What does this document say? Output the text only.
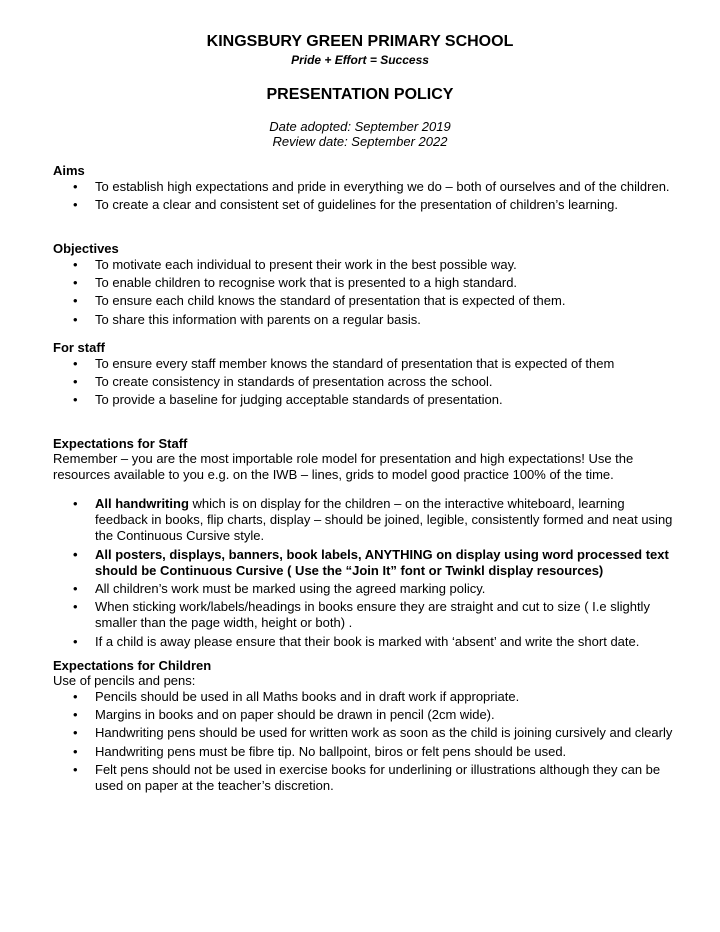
KINGSBURY GREEN PRIMARY SCHOOL
Pride + Effort = Success
PRESENTATION POLICY
Date adopted: September 2019
Review date: September 2022
Aims
• To establish high expectations and pride in everything we do – both of ourselves and of the children.
• To create a clear and consistent set of guidelines for the presentation of children’s learning.
Objectives
• To motivate each individual to present their work in the best possible way.
• To enable children to recognise work that is presented to a high standard.
• To ensure each child knows the standard of presentation that is expected of them.
• To share this information with parents on a regular basis.
For staff
• To ensure every staff member knows the standard of presentation that is expected of them
• To create consistency in standards of presentation across the school.
• To provide a baseline for judging acceptable standards of presentation.
Expectations for Staff
Remember – you are the most importable role model for presentation and high expectations! Use the resources available to you e.g. on the IWB – lines, grids to model good practice 100% of the time.
• All handwriting which is on display for the children – on the interactive whiteboard, learning feedback in books, flip charts, display – should be joined, legible, consistently formed and neat using the Continuous Cursive style.
• All posters, displays, banners, book labels, ANYTHING on display using word processed text should be Continuous Cursive ( Use the “Join It” font or Twinkl display resources)
• All children’s work must be marked using the agreed marking policy.
• When sticking work/labels/headings in books ensure they are straight and cut to size ( I.e slightly smaller than the page width, height or both) .
• If a child is away please ensure that their book is marked with ‘absent’ and write the short date.
Expectations for Children
Use of pencils and pens:
• Pencils should be used in all Maths books and in draft work if appropriate.
• Margins in books and on paper should be drawn in pencil (2cm wide).
• Handwriting pens should be used for written work as soon as the child is joining cursively and clearly
• Handwriting pens must be fibre tip. No ballpoint, biros or felt pens should be used.
• Felt pens should not be used in exercise books for underlining or illustrations although they can be used on paper at the teacher’s discretion.
